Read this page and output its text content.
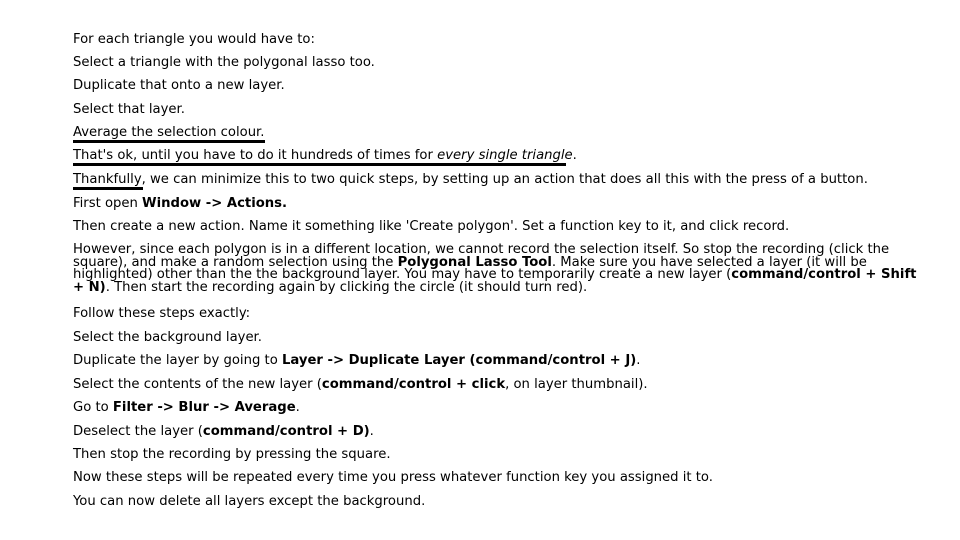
For each triangle you would have to:
Select a triangle with the polygonal lasso too.
Duplicate that onto a new layer.
Select that layer.
Average the selection colour.
That's ok, until you have to do it hundreds of times for every single triangle.
Thankfully, we can minimize this to two quick steps, by setting up an action that does all this with the press of a button.
First open Window -> Actions.
Then create a new action. Name it something like 'Create polygon'. Set a function key to it, and click record.
However, since each polygon is in a different location, we cannot record the selection itself. So stop the recording (click the
square), and make a random selection using the Polygonal Lasso Tool. Make sure you have selected a layer (it will be
highlighted) other than the the background layer. You may have to temporarily create a new layer (command/control + Shift
+ N). Then start the recording again by clicking the circle (it should turn red).
Follow these steps exactly:
Select the background layer.
Duplicate the layer by going to Layer -> Duplicate Layer (command/control + J).
Select the contents of the new layer (command/control + click, on layer thumbnail).
Go to Filter -> Blur -> Average.
Deselect the layer (command/control + D).
Then stop the recording by pressing the square.
Now these steps will be repeated every time you press whatever function key you assigned it to.
You can now delete all layers except the background.
